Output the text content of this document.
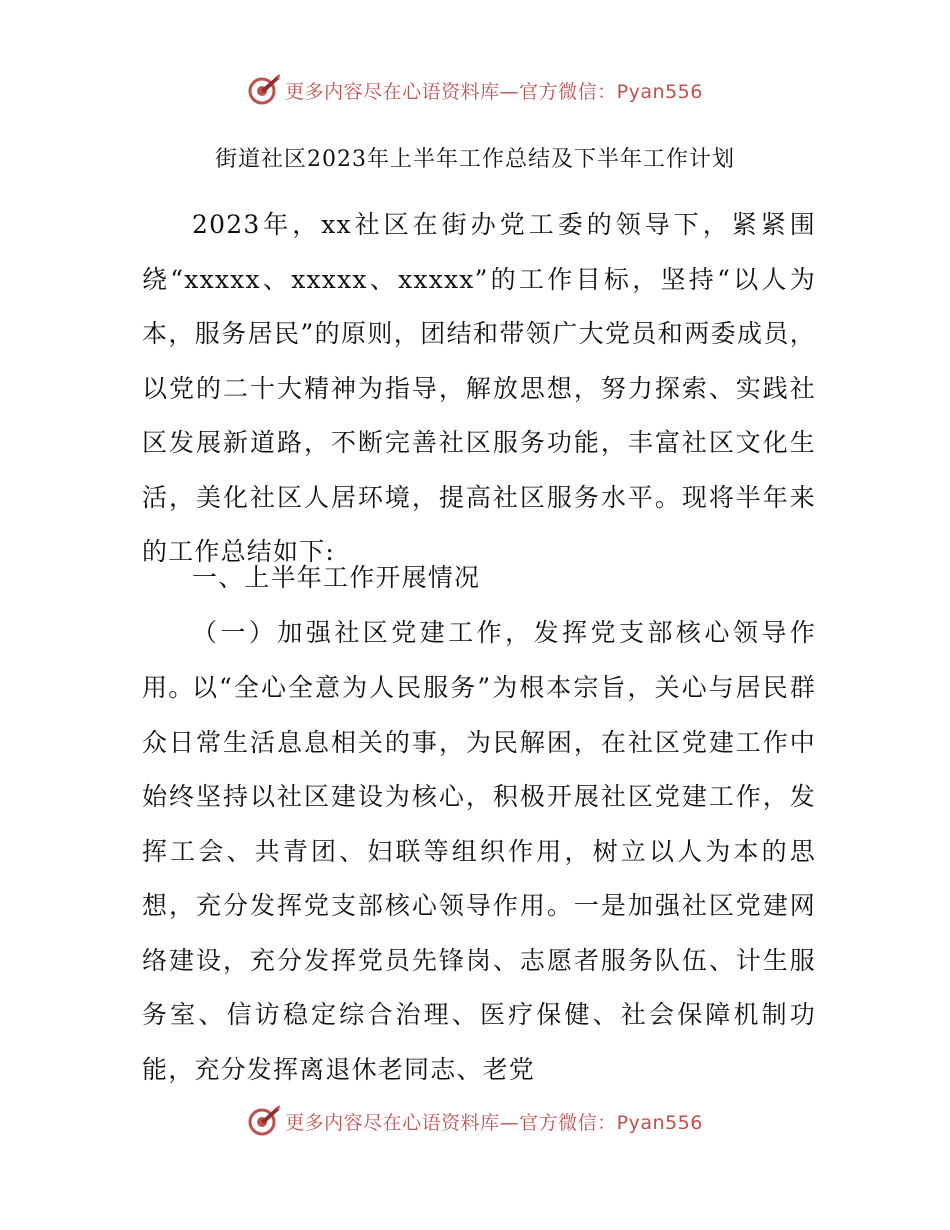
更多内容尽在心语资料库—官方微信：Pyan556
街道社区2023年上半年工作总结及下半年工作计划

2023年，xx社区在街办党工委的领导下，紧紧围绕“xxxxx、xxxxx、xxxxx”的工作目标，坚持“以人为本，服务居民”的原则，团结和带领广大党员和两委成员，以党的二十大精神为指导，解放思想，努力探索、实践社区发展新道路，不断完善社区服务功能，丰富社区文化生活，美化社区人居环境，提高社区服务水平。现将半年来的工作总结如下:

一、上半年工作开展情况

（一）加强社区党建工作，发挥党支部核心领导作用。

以“全心全意为人民服务”为根本宗旨，关心与居民群众日常生活息息相关的事，为民解困，在社区党建工作中始终坚持以社区建设为核心，积极开展社区党建工作，发挥工会、共青团、妇联等组织作用，树立以人为本的思想，充分发挥党支部核心领导作用。一是加强社区党建网络建设，充分发挥党员先锋岗、志愿者服务队伍、计生服务室、信访稳定综合治理、医疗保健、社会保障机制功能，充分发挥离退休老同志、老党

更多内容尽在心语资料库—官方微信：Pyan556
